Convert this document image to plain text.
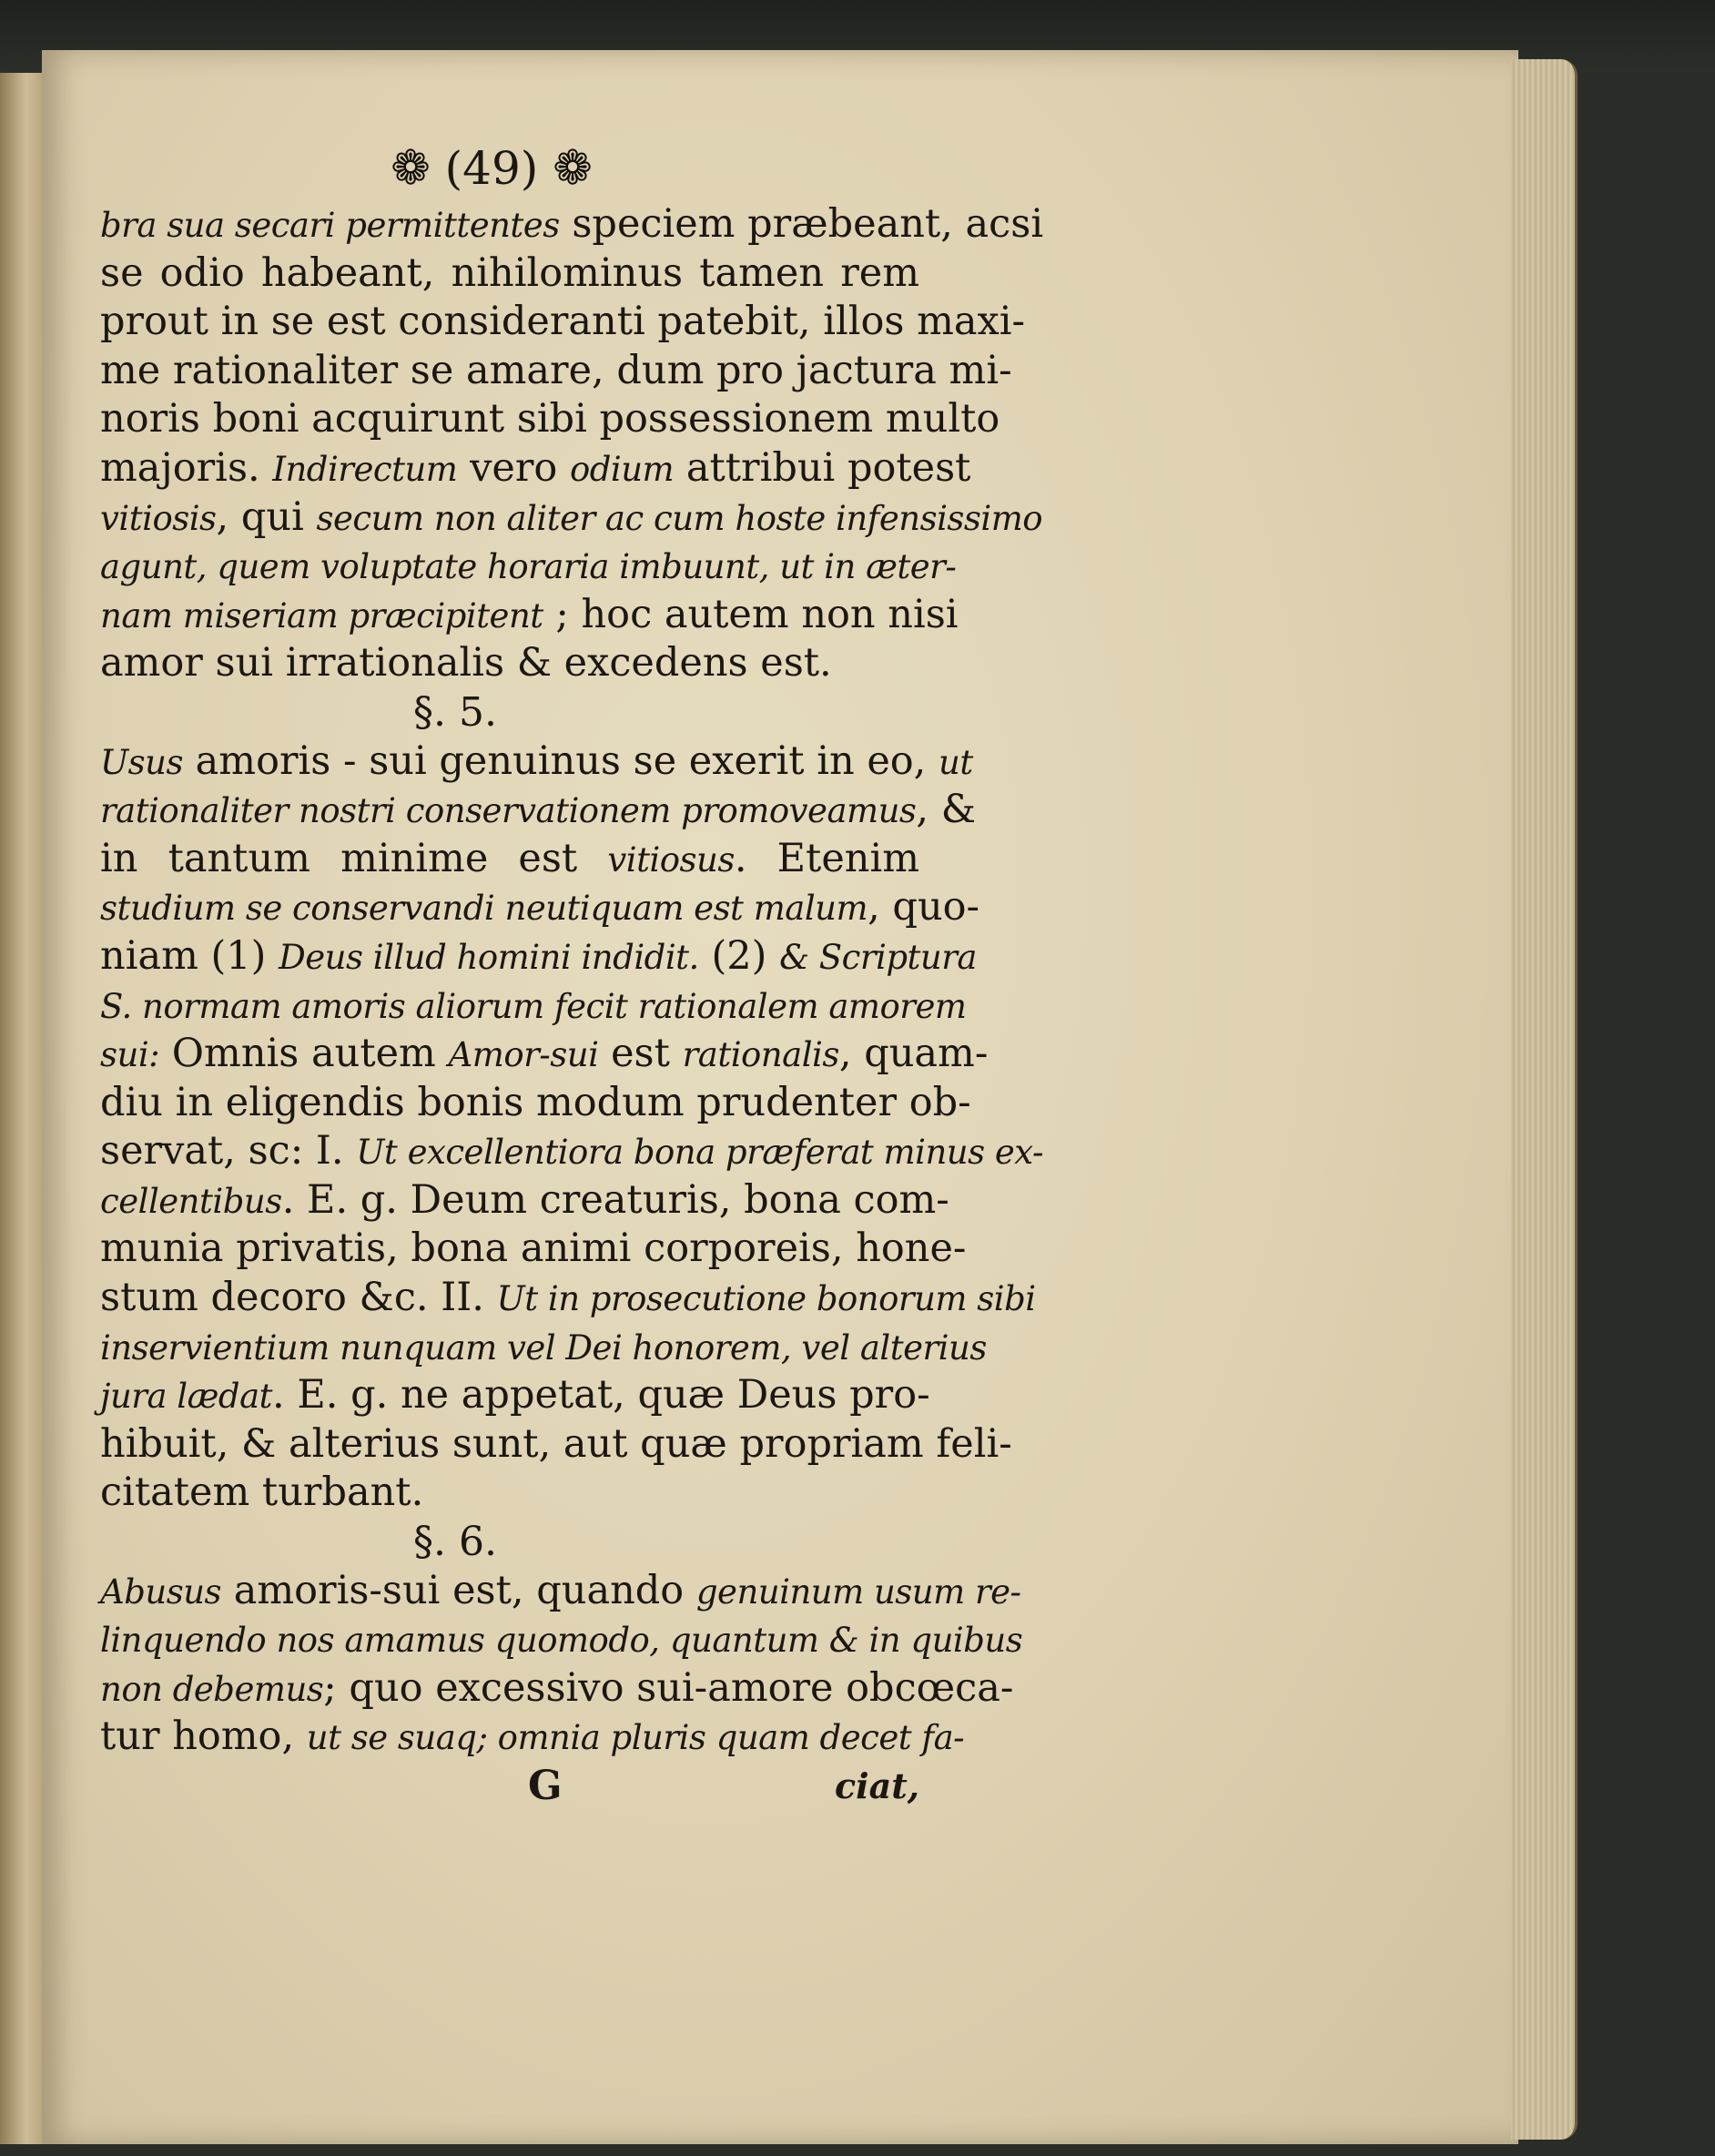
❁ (49) ❁
bra sua secari permittentes speciem præbeant, acsi
se odio habeant, nihilominus tamen rem
prout in se est consideranti patebit, illos maxi-
me rationaliter se amare, dum pro jactura mi-
noris boni acquirunt sibi possessionem multo
majoris. Indirectum vero odium attribui potest
vitiosis, qui secum non aliter ac cum hoste infensissimo
agunt, quem voluptate horaria imbuunt, ut in æter-
nam miseriam præcipitent ; hoc autem non nisi
amor sui irrationalis & excedens est.
§. 5.
Usus amoris - sui genuinus se exerit in eo, ut
rationaliter nostri conservationem promoveamus, &
in tantum minime est vitiosus. Etenim
studium se conservandi neutiquam est malum, quo-
niam (1) Deus illud homini indidit. (2) & Scriptura
S. normam amoris aliorum fecit rationalem amorem
sui: Omnis autem Amor-sui est rationalis, quam-
diu in eligendis bonis modum prudenter ob-
servat, sc: I. Ut excellentiora bona præferat minus ex-
cellentibus. E. g. Deum creaturis, bona com-
munia privatis, bona animi corporeis, hone-
stum decoro &c. II. Ut in prosecutione bonorum sibi
inservientium nunquam vel Dei honorem, vel alterius
jura lædat. E. g. ne appetat, quæ Deus pro-
hibuit, & alterius sunt, aut quæ propriam feli-
citatem turbant.
§. 6.
Abusus amoris-sui est, quando genuinum usum re-
linquendo nos amamus quomodo, quantum & in quibus
non debemus; quo excessivo sui-amore obcœca-
tur homo, ut se suaq; omnia pluris quam decet fa-
G	ciat,
